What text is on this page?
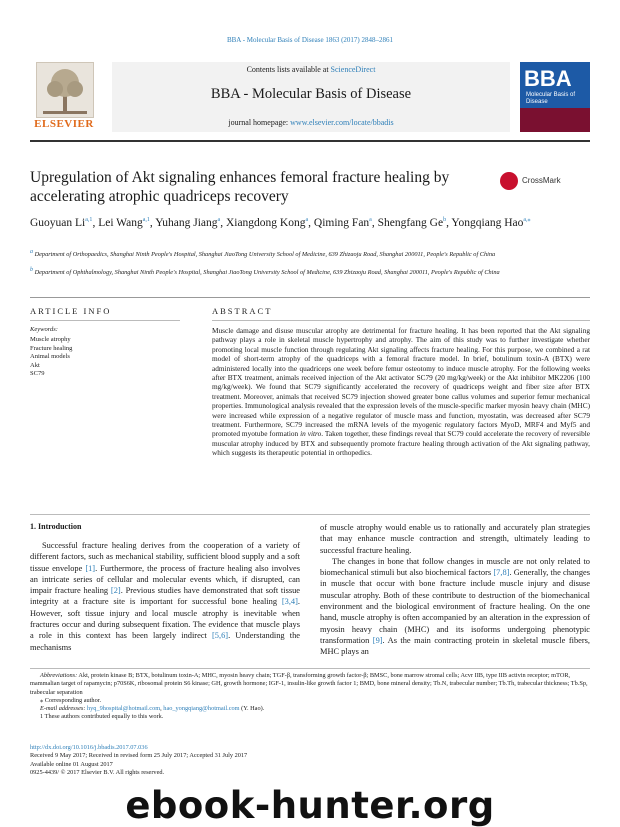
BBA - Molecular Basis of Disease 1863 (2017) 2848–2861
ELSEVIER
Contents lists available at ScienceDirect
BBA - Molecular Basis of Disease
journal homepage: www.elsevier.com/locate/bbadis
BBA
Molecular Basis of Disease
Upregulation of Akt signaling enhances femoral fracture healing by accelerating atrophic quadriceps recovery
CrossMark
Guoyuan Li$^{a,1}$, Lei Wang$^{a,1}$, Yuhang Jiang$^a$, Xiangdong Kong$^a$, Qiming Fan$^a$, Shengfang Ge$^b$, Yongqiang Hao$^{a,⁎}$
$^a$ Department of Orthopaedics, Shanghai Ninth People's Hospital, Shanghai JiaoTong University School of Medicine, 639 Zhizaoju Road, Shanghai 200011, People's Republic of China
$^b$ Department of Ophthalmology, Shanghai Ninth People's Hospital, Shanghai JiaoTong University School of Medicine, 639 Zhizaoju Road, Shanghai 200011, People's Republic of China
ARTICLE INFO	ABSTRACT
Keywords:
Muscle atrophy
Fracture healing
Animal models
Akt
SC79
Muscle damage and disuse muscular atrophy are detrimental for fracture healing. It has been reported that the Akt signaling pathway plays a role in skeletal muscle hypertrophy and atrophy. The aim of this study was to further investigate whether promoting local muscle function through regulating Akt signaling affects fracture healing. For this purpose, we combined a rat model of short-term atrophy of the quadriceps with a femoral fracture model. In brief, botulinum toxin-A (BTX) were administered locally into the quadriceps one week before femur osteotomy to induce muscle atrophy. For the following weeks after BTX treatment, animals received injection of the Akt activator SC79 (20 mg/kg/week) or the Akt inhibitor MK2206 (100 mg/kg/week). We found that SC79 significantly accelerated the recovery of quadriceps weight and fiber size after BTX treatment. Moreover, animals that received SC79 injection showed greater bone callus volumes and superior femur mechanical properties. Immunological analysis revealed that the expression levels of the muscle-specific marker myosin heavy chain (MHC) were increased while expression of a negative regulator of muscle mass and function, myostatin, was decreased after SC79 treatment. Furthermore, SC79 increased the mRNA levels of the myogenic regulatory factors MyoD, MRF4 and Myf5 and promoted myotube formation in vitro. Taken together, these findings reveal that SC79 could accelerate the recovery of reversible muscular atrophy induced by BTX and subsequently promote fracture healing through activation of the Akt signaling pathway, which suggests its therapeutic potential in orthopedics.
1. Introduction

Successful fracture healing derives from the cooperation of a variety of different factors, such as mechanical stability, sufficient blood supply and a soft tissue envelope [1]. Furthermore, the process of fracture healing also involves an intricate series of cellular and molecular events which, if disrupted, can impair fracture healing [2]. Previous studies have demonstrated that soft tissue integrity at a fracture site is important for successful bone healing [3,4]. However, soft tissue injury and local muscle atrophy is inevitable when fractures occur and during subsequent fixation. The evidence that muscle plays a role in this context has been largely indirect [5,6]. Understanding the mechanisms

of muscle atrophy would enable us to rationally and accurately plan strategies that may enhance muscle contraction and strength, ultimately leading to successful fracture healing.

The changes in bone that follow changes in muscle are not only related to biomechanical stimuli but also biochemical factors [7,8]. Generally, the changes in muscle that occur with bone fracture include muscle injury and disuse muscular atrophy. Both of these contribute to destruction of the biomechanical environment and the biological environment of fracture healing. On the one hand, muscle atrophy is often accompanied by an alteration in the expression of myosin heavy chain (MHC) and its isoforms undergoing phenotypic transformation [9]. As the main contracting protein in skeletal muscle fibers, MHC plays an

Abbreviations: Akt, protein kinase B; BTX, botulinum toxin-A; MHC, myosin heavy chain; TGF-β, transforming growth factor-β; BMSC, bone marrow stromal cells; Acvr IIB, type IIB activin receptor; mTOR, mammalian target of rapamycin; p70S6K, ribosomal protein S6 kinase; GH, growth hormone; IGF-1, insulin-like growth factor 1; BMD, bone mineral density; Tb.N, trabecular number; Tb.Th, trabecular thickness; Tb.Sp, trabecular separation

⁎ Corresponding author.

E-mail addresses: hyq_9hospital@hotmail.com, hao_yongqiang@hotmail.com (Y. Hao).

1 These authors contributed equally to this work.

http://dx.doi.org/10.1016/j.bbadis.2017.07.036
Received 9 May 2017; Received in revised form 25 July 2017; Accepted 31 July 2017
Available online 01 August 2017
0925-4439/ © 2017 Elsevier B.V. All rights reserved.
ebook-hunter.org
